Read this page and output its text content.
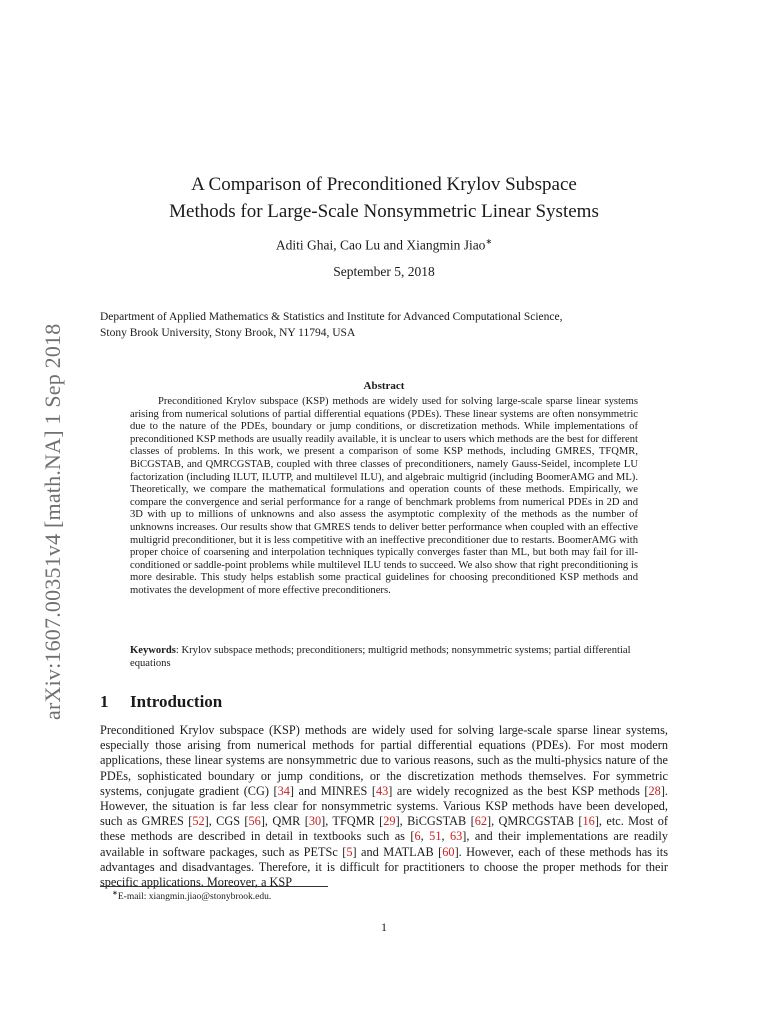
arXiv:1607.00351v4 [math.NA] 1 Sep 2018
A Comparison of Preconditioned Krylov Subspace
Methods for Large-Scale Nonsymmetric Linear Systems
Aditi Ghai, Cao Lu and Xiangmin Jiao∗
September 5, 2018
Department of Applied Mathematics & Statistics and Institute for Advanced Computational Science,
Stony Brook University, Stony Brook, NY 11794, USA
Abstract

Preconditioned Krylov subspace (KSP) methods are widely used for solving large-scale sparse linear systems arising from numerical solutions of partial differential equations (PDEs). These linear systems are often nonsymmetric due to the nature of the PDEs, boundary or jump conditions, or discretization methods. While implementations of preconditioned KSP methods are usually readily available, it is unclear to users which methods are the best for different classes of problems. In this work, we present a comparison of some KSP methods, including GMRES, TFQMR, BiCGSTAB, and QMRCGSTAB, coupled with three classes of preconditioners, namely Gauss-Seidel, incomplete LU factorization (including ILUT, ILUTP, and multilevel ILU), and algebraic multigrid (including BoomerAMG and ML). Theoretically, we compare the mathematical formulations and operation counts of these methods. Empirically, we compare the convergence and serial performance for a range of benchmark problems from numerical PDEs in 2D and 3D with up to millions of unknowns and also assess the asymptotic complexity of the methods as the number of unknowns increases. Our results show that GMRES tends to deliver better performance when coupled with an effective multigrid preconditioner, but it is less competitive with an ineffective preconditioner due to restarts. BoomerAMG with proper choice of coarsening and interpolation techniques typically converges faster than ML, but both may fail for ill-conditioned or saddle-point problems while multilevel ILU tends to succeed. We also show that right preconditioning is more desirable. This study helps establish some practical guidelines for choosing preconditioned KSP methods and motivates the development of more effective preconditioners.

Keywords: Krylov subspace methods; preconditioners; multigrid methods; nonsymmetric systems; partial differential equations

1 Introduction

Preconditioned Krylov subspace (KSP) methods are widely used for solving large-scale sparse linear systems, especially those arising from numerical methods for partial differential equations (PDEs). For most modern applications, these linear systems are nonsymmetric due to various reasons, such as the multi-physics nature of the PDEs, sophisticated boundary or jump conditions, or the discretization methods themselves. For symmetric systems, conjugate gradient (CG) [34] and MINRES [43] are widely recognized as the best KSP methods [28]. However, the situation is far less clear for nonsymmetric systems. Various KSP methods have been developed, such as GMRES [52], CGS [56], QMR [30], TFQMR [29], BiCGSTAB [62], QMRCGSTAB [16], etc. Most of these methods are described in detail in textbooks such as [6, 51, 63], and their implementations are readily available in software packages, such as PETSc [5] and MATLAB [60]. However, each of these methods has its advantages and disadvantages. Therefore, it is difficult for practitioners to choose the proper methods for their specific applications. Moreover, a KSP

∗E-mail: xiangmin.jiao@stonybrook.edu.
1
